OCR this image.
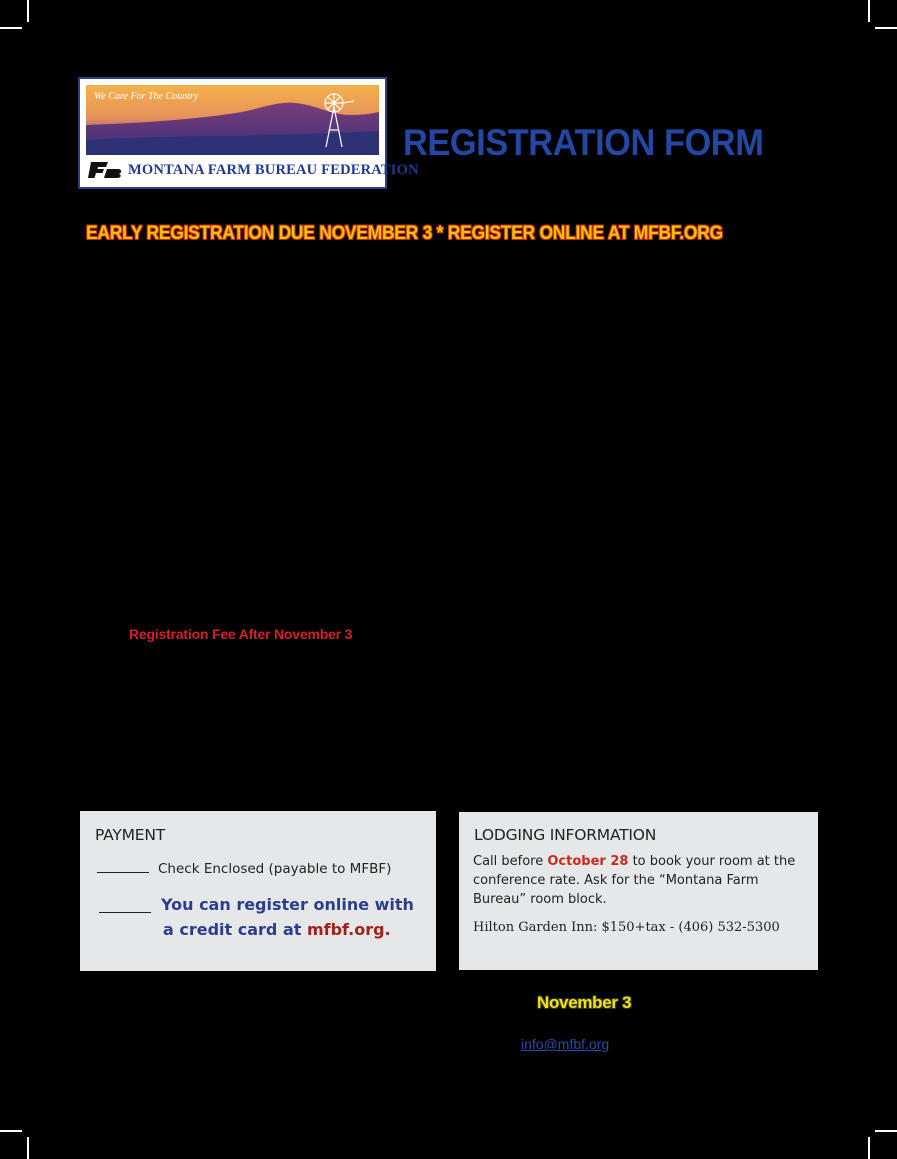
We Care For The Country
MONTANA FARM BUREAU FEDERATION
REGISTRATION FORM
EARLY REGISTRATION DUE NOVEMBER 3 * REGISTER ONLINE AT MFBF.ORG
Registration Fee After November 3
PAYMENT
Check Enclosed (payable to MFBF)
You can register online with
a credit card at mfbf.org.
LODGING INFORMATION
Call before October 28 to book your room at the conference rate. Ask for the “Montana Farm Bureau” room block.
Hilton Garden Inn: $150+tax - (406) 532-5300
November 3
info@mfbf.org
